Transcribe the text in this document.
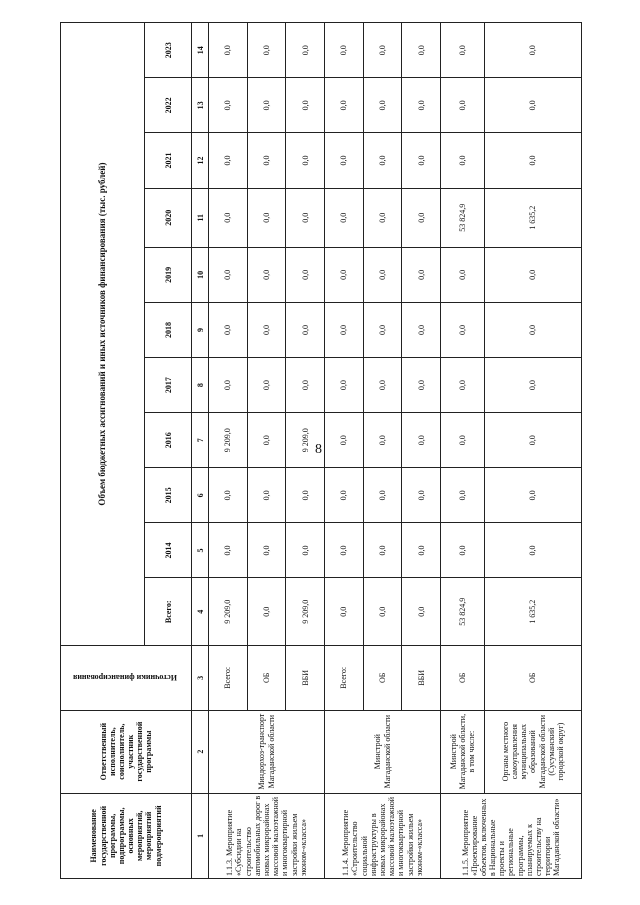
8
Наименование государственной программы, подпрограммы, основных мероприятий, мероприятий подмероприятий	Ответственный исполнитель, соисполнитель, участник государственной программы	Источники финансирования	Объем бюджетных ассигнований и иных источников финансирования (тыс. рублей)										
			Всего:	2014	2015	2016	2017	2018	2019	2020	2021	2022	2023
1	2	3	4	5	6	7	8	9	10	11	12	13	14
1.1.3. Мероприятие «Субсидии на строительство автомобильных дорог в новых микрорайонах массовой малоэтажной и многоквартирной застройки жильем эконом-«класса»	Миндорхоз-транспорт Магаданской области	Всего:	9 209,0	0,0	0,0	9 209,0	0,0	0,0	0,0	0,0	0,0	0,0	0,0
		ОБ	0,0	0,0	0,0	0,0	0,0	0,0	0,0	0,0	0,0	0,0	0,0
		ВБИ	9 209,0	0,0	0,0	9 209,0	0,0	0,0	0,0	0,0	0,0	0,0	0,0
1.1.4. Мероприятие «Строительство социальной инфраструктуры в новых микрорайонах массовой малоэтажной и многоквартирной застройки жильем эконом-«класса»	Минстрой Магаданской области	Всего:	0,0	0,0	0,0	0,0	0,0	0,0	0,0	0,0	0,0	0,0	0,0
		ОБ	0,0	0,0	0,0	0,0	0,0	0,0	0,0	0,0	0,0	0,0	0,0
		ВБИ	0,0	0,0	0,0	0,0	0,0	0,0	0,0	0,0	0,0	0,0	0,0
1.1.5. Мероприятие «Проектирование объектов, включенных в Национальные проекты и региональные программы, планируемых к строительству на территории Магаданской области»	Минстрой Магаданской области, в том числе:	ОБ	53 824,9	0,0	0,0	0,0	0,0	0,0	0,0	53 824,9	0,0	0,0	0,0
	Органы местного самоуправления муниципальных образований Магаданской области (Сусуманский городской округ)	ОБ	1 635,2	0,0	0,0	0,0	0,0	0,0	0,0	1 635,2	0,0	0,0	0,0
